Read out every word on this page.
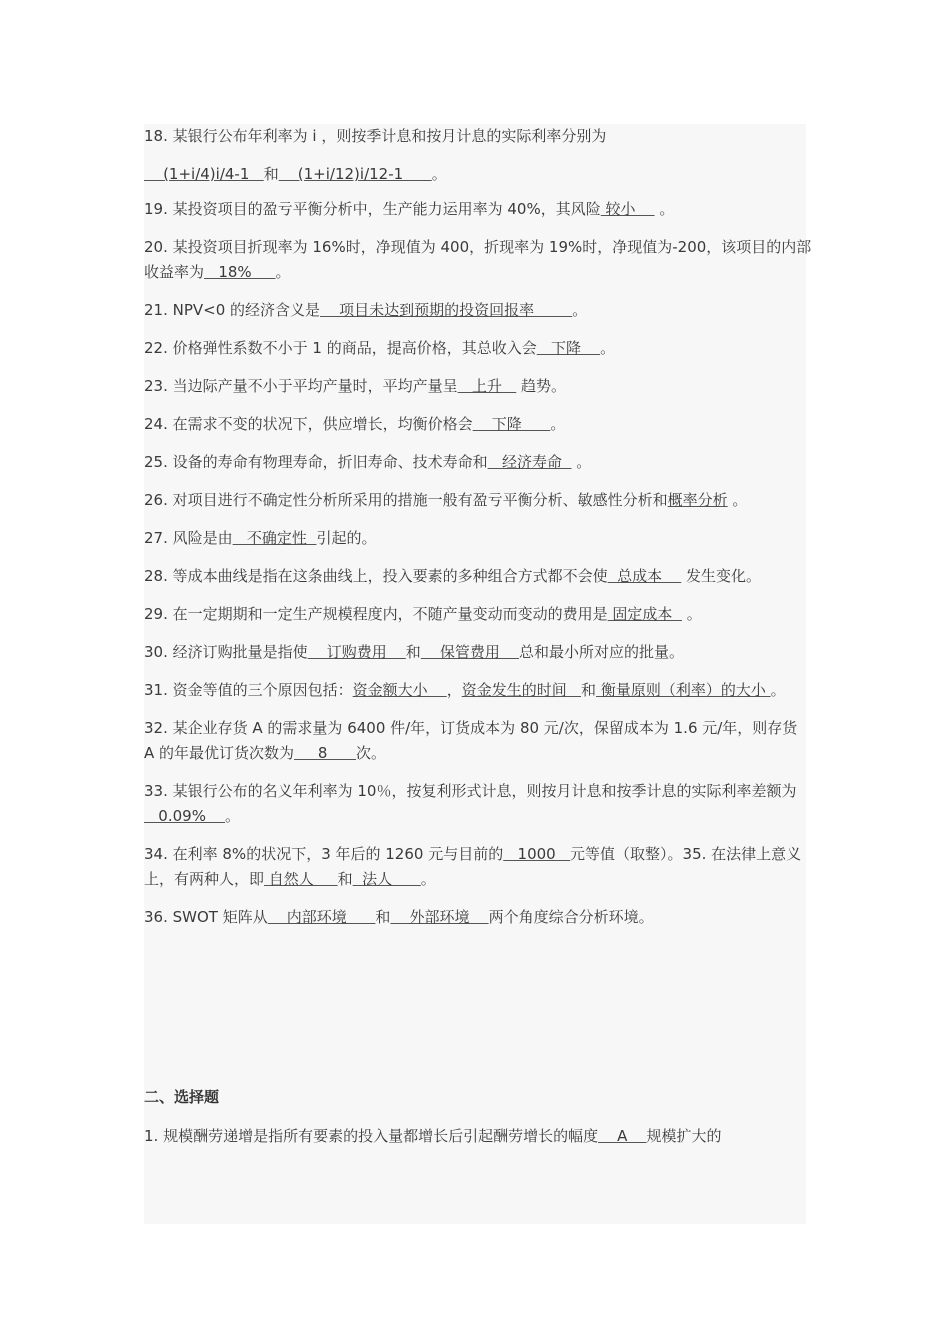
18. 某银行公布年利率为 i ，则按季计息和按月计息的实际利率分别为
(1+i/4)i/4-1   和    (1+i/12)i/12-1      。
19. 某投资项目的盈亏平衡分析中，生产能力运用率为 40%，其风险 较小     。
20. 某投资项目折现率为 16%时，净现值为 400，折现率为 19%时，净现值为-200，该项目的内部收益率为   18%     。
21. NPV<0 的经济含义是    项目未达到预期的投资回报率        。
22. 价格弹性系数不小于 1 的商品，提高价格，其总收入会   下降    。
23. 当边际产量不小于平均产量时，平均产量呈   上升    趋势。
24. 在需求不变的状况下，供应增长，均衡价格会    下降      。
25. 设备的寿命有物理寿命，折旧寿命、技术寿命和   经济寿命   。
26. 对项目进行不确定性分析所采用的措施一般有盈亏平衡分析、敏感性分析和概率分析 。
27. 风险是由   不确定性  引起的。
28. 等成本曲线是指在这条曲线上，投入要素的多种组合方式都不会使  总成本     发生变化。
29. 在一定期期和一定生产规模程度内，不随产量变动而变动的费用是 固定成本   。
30. 经济订购批量是指使    订购费用    和    保管费用    总和最小所对应的批量。
31. 资金等值的三个原因包括：资金额大小    ，资金发生的时间   和 衡量原则（利率）的大小 。
32. 某企业存货 A 的需求量为 6400 件/年，订货成本为 80 元/次，保留成本为 1.6 元/年，则存货 A 的年最优订货次数为     8      次。
33. 某银行公布的名义年利率为 10％，按复利形式计息，则按月计息和按季计息的实际利率差额为   0.09%    。
34. 在利率 8%的状况下，3 年后的 1260 元与目前的   1000   元等值（取整）。35. 在法律上意义上，有两种人，即 自然人     和  法人      。
36. SWOT 矩阵从    内部环境      和    外部环境    两个角度综合分析环境。
二、选择题
1. 规模酬劳递增是指所有要素的投入量都增长后引起酬劳增长的幅度    A    规模扩大的
